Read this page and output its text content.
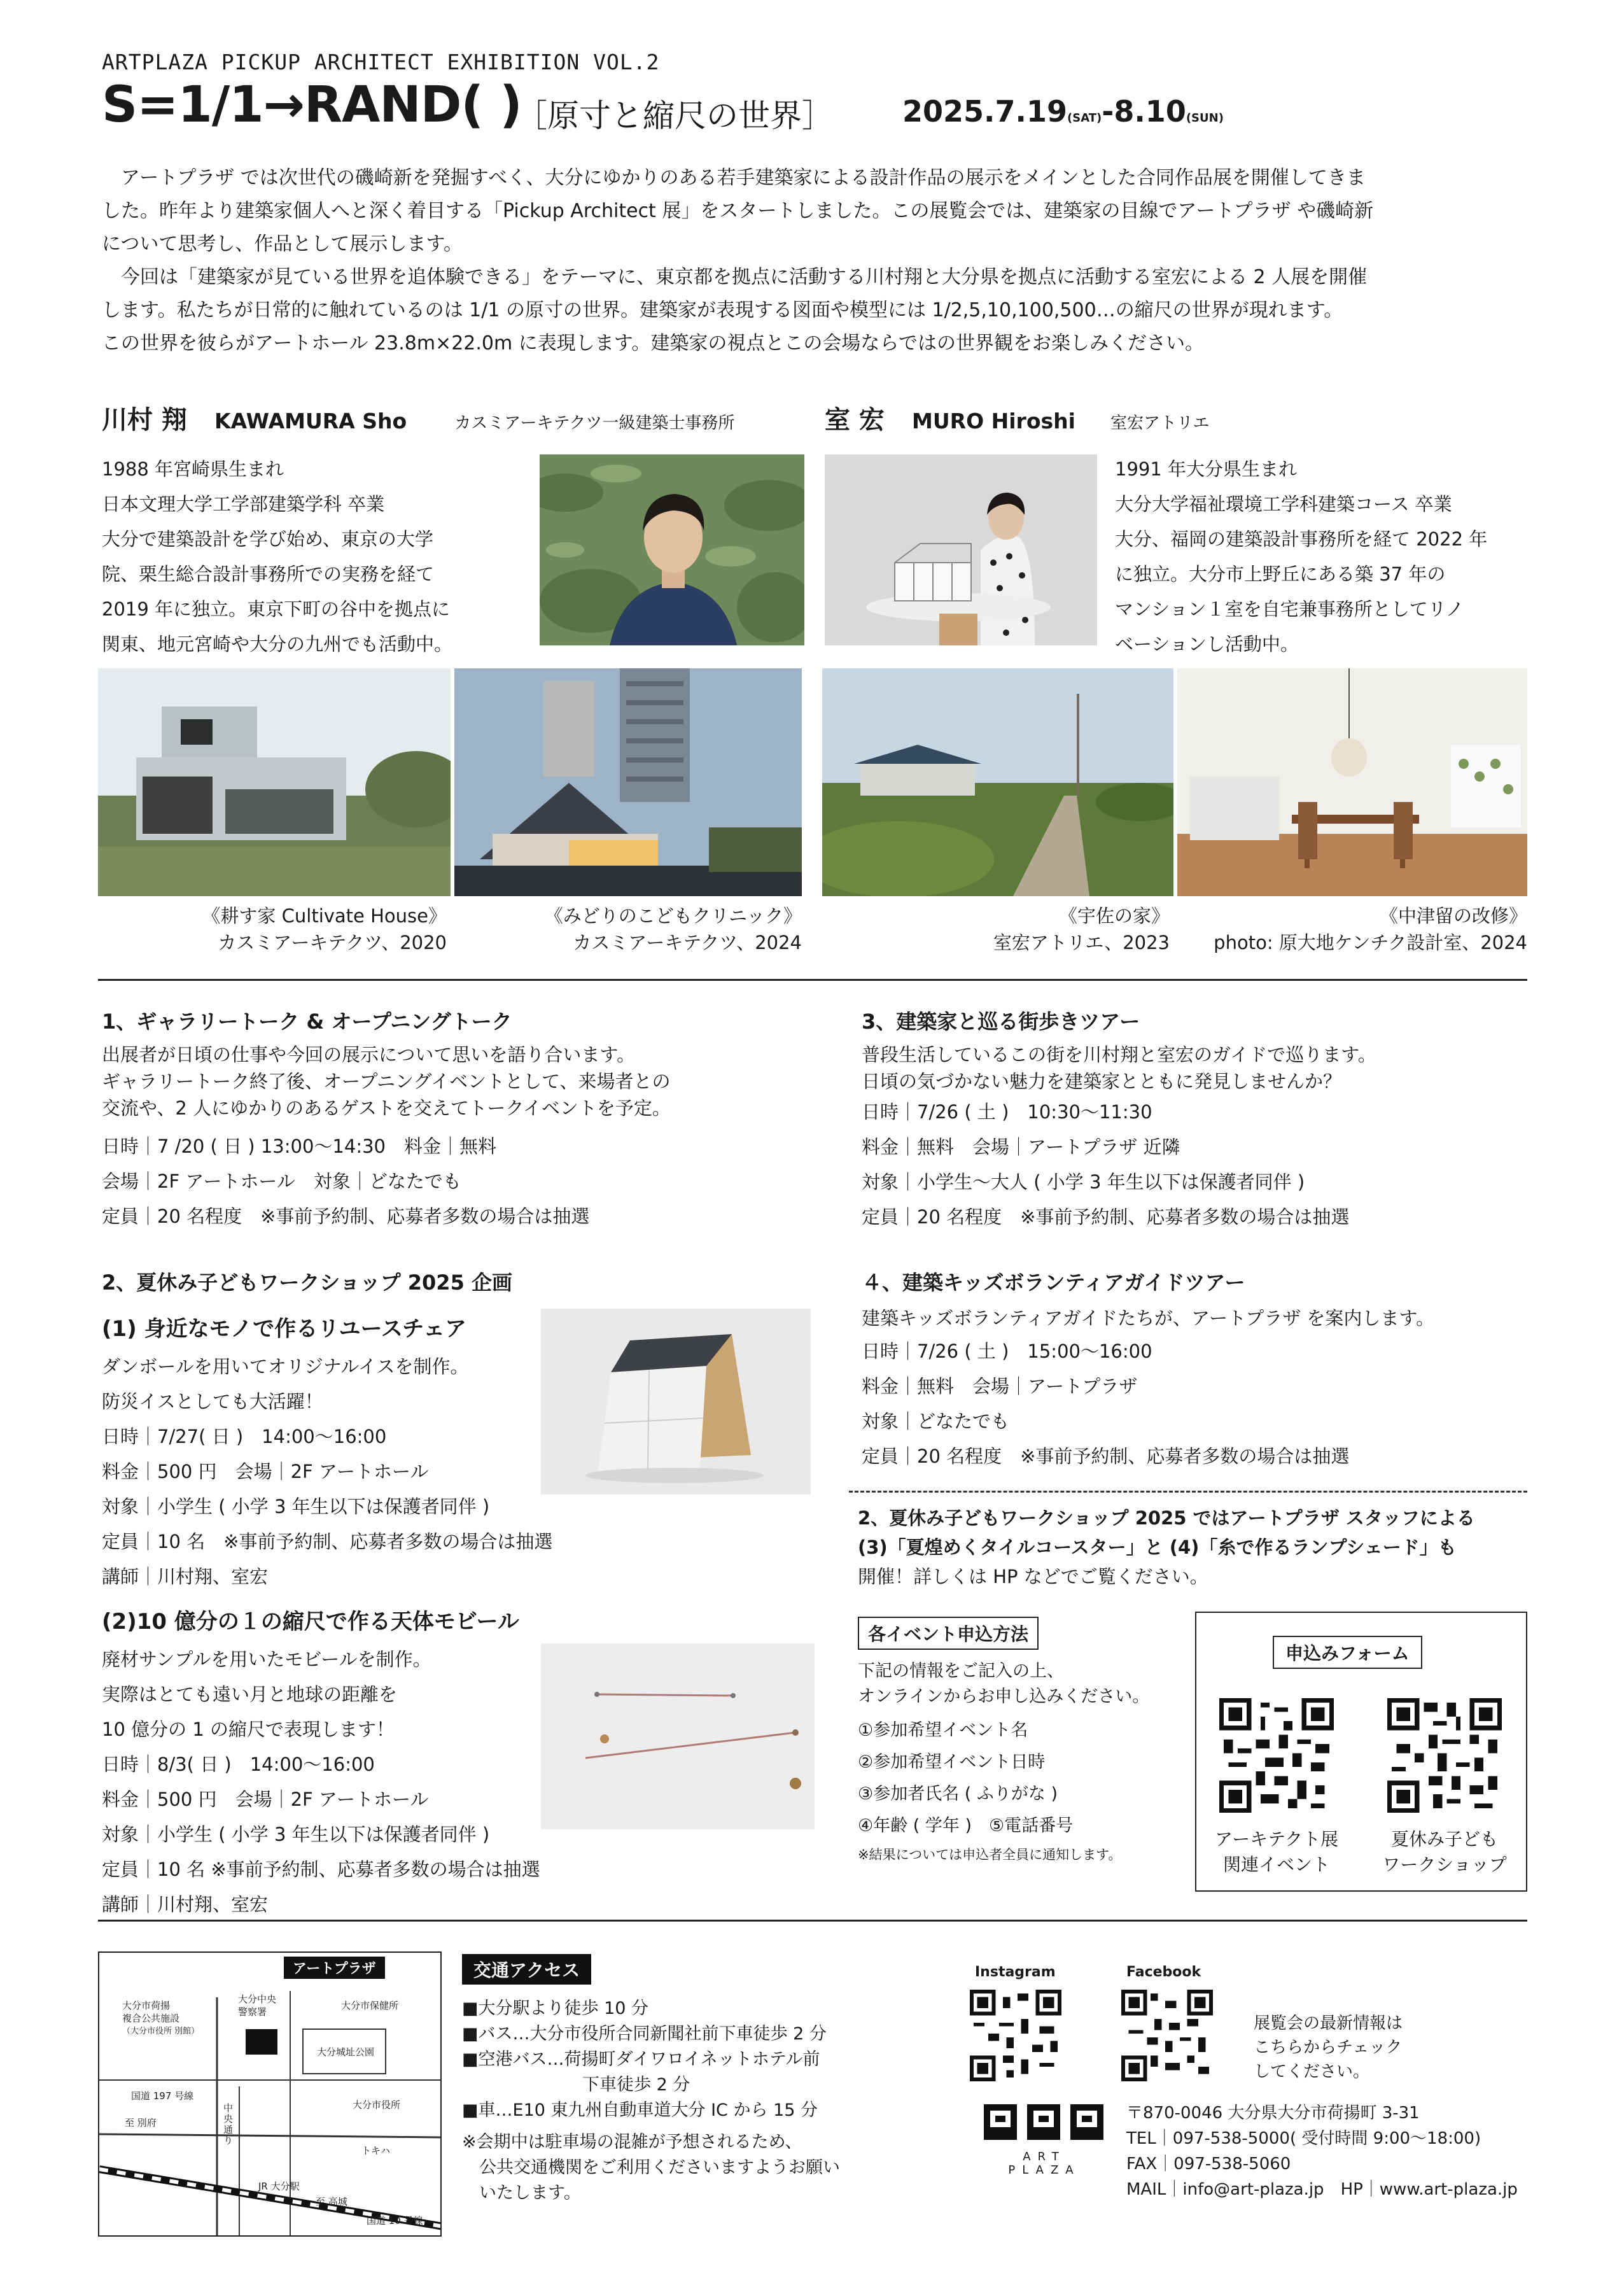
ARTPLAZA PICKUP ARCHITECT EXHIBITION VOL.2
S=1/1→RAND( )
［原寸と縮尺の世界］ 2025.7.19(SAT)-8.10(SUN)
　アートプラザ では次世代の磯崎新を発掘すべく、大分にゆかりのある若手建築家による設計作品の展示をメインとした合同作品展を開催してきま
した。昨年より建築家個人へと深く着目する「Pickup Architect 展」をスタートしました。この展覧会では、建築家の目線でアートプラザ や磯崎新
について思考し、作品として展示します。
　今回は「建築家が見ている世界を追体験できる」をテーマに、東京都を拠点に活動する川村翔と大分県を拠点に活動する室宏による 2 人展を開催
します。私たちが日常的に触れているのは 1/1 の原寸の世界。建築家が表現する図面や模型には 1/2,5,10,100,500…の縮尺の世界が現れます。
この世界を彼らがアートホール 23.8m×22.0m に表現します。建築家の視点とこの会場ならではの世界観をお楽しみください。
川村 翔 KAWAMURA Sho	カスミアーキテクツ一級建築士事務所
1988 年宮崎県生まれ
日本文理大学工学部建築学科 卒業
大分で建築設計を学び始め、東京の大学
院、栗生総合設計事務所での実務を経て
2019 年に独立。東京下町の谷中を拠点に
関東、地元宮崎や大分の九州でも活動中。
室 宏 MURO Hiroshi 室宏アトリエ
1991 年大分県生まれ
大分大学福祉環境工学科建築コース 卒業
大分、福岡の建築設計事務所を経て 2022 年
に独立。大分市上野丘にある築 37 年の
マンション１室を自宅兼事務所としてリノ
ベーションし活動中。
《耕す家 Cultivate House》
カスミアーキテクツ、2020
《みどりのこどもクリニック》
カスミアーキテクツ、2024
《宇佐の家》
室宏アトリエ、2023
《中津留の改修》
photo: 原大地ケンチク設計室、2024
1、ギャラリートーク & オープニングトーク
出展者が日頃の仕事や今回の展示について思いを語り合います。
ギャラリートーク終了後、オープニングイベントとして、来場者との
交流や、2 人にゆかりのあるゲストを交えてトークイベントを予定。
日時｜7 /20 ( 日 ) 13:00〜14:30　料金｜無料
会場｜2F アートホール　対象｜どなたでも
定員｜20 名程度　※事前予約制、応募者多数の場合は抽選
2、夏休み子どもワークショップ 2025 企画
(1) 身近なモノで作るリユースチェア
ダンボールを用いてオリジナルイスを制作。
防災イスとしても大活躍！
日時｜7/27( 日 )　14:00〜16:00
料金｜500 円　会場｜2F アートホール
対象｜小学生 ( 小学 3 年生以下は保護者同伴 )
定員｜10 名　※事前予約制、応募者多数の場合は抽選
講師｜川村翔、室宏
(2)10 億分の１の縮尺で作る天体モビール
廃材サンプルを用いたモビールを制作。
実際はとても遠い月と地球の距離を
10 億分の 1 の縮尺で表現します！
日時｜8/3( 日 )　14:00〜16:00
料金｜500 円　会場｜2F アートホール
対象｜小学生 ( 小学 3 年生以下は保護者同伴 )
定員｜10 名 ※事前予約制、応募者多数の場合は抽選
講師｜川村翔、室宏
3、建築家と巡る街歩きツアー
普段生活しているこの街を川村翔と室宏のガイドで巡ります。
日頃の気づかない魅力を建築家とともに発見しませんか？
日時｜7/26 ( 土 )　10:30〜11:30
料金｜無料　会場｜アートプラザ 近隣
対象｜小学生〜大人 ( 小学 3 年生以下は保護者同伴 )
定員｜20 名程度　※事前予約制、応募者多数の場合は抽選
４、建築キッズボランティアガイドツアー
建築キッズボランティアガイドたちが、アートプラザ を案内します。
日時｜7/26 ( 土 )　15:00〜16:00
料金｜無料　会場｜アートプラザ
対象｜どなたでも
定員｜20 名程度　※事前予約制、応募者多数の場合は抽選
2、夏休み子どもワークショップ 2025 ではアートプラザ スタッフによる
(3)「夏煌めくタイルコースター」と (4)「糸で作るランプシェード」も
開催！詳しくは HP などでご覧ください。
各イベント申込方法
下記の情報をご記入の上、
オンラインからお申し込みください。
①参加希望イベント名
②参加希望イベント日時
③参加者氏名 ( ふりがな )
④年齢 ( 学年 )　⑤電話番号
※結果については申込者全員に通知します。
申込みフォーム
アーキテクト展
関連イベント
夏休み子ども
ワークショップ
アートプラザ
大分市荷揚
複合公共施設
（大分市役所 別館）
大分中央
警察署
大分市保健所
大分城址公園
国道 197 号線
中央通り
大分市役所
トキハ
至 別府
至 高城
JR 大分駅
国道 10 号線
交通アクセス
■大分駅より徒歩 10 分
■バス…大分市役所合同新聞社前下車徒歩 2 分
■空港バス…荷揚町ダイワロイネットホテル前
　　　　　　　下車徒歩 2 分
■車…E10 東九州自動車道大分 IC から 15 分
※会期中は駐車場の混雑が予想されるため、
　公共交通機関をご利用くださいますようお願い
　いたします。
Instagram	Facebook
展覧会の最新情報は
こちらからチェック
してください。
ART PLAZA
〒870-0046 大分県大分市荷揚町 3-31
TEL｜097-538-5000( 受付時間 9:00〜18:00)
FAX｜097-538-5060
MAIL｜info@art-plaza.jp　HP｜www.art-plaza.jp
